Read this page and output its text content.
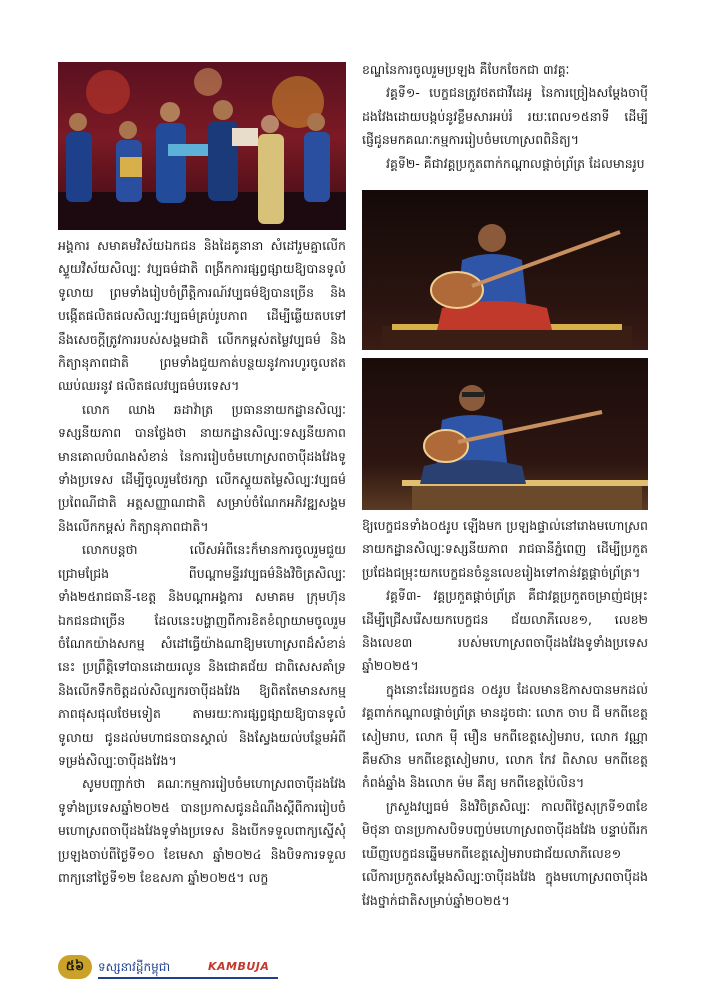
អង្គការ សមាគមវិស័យឯកជន និងដៃគូនានា សំដៅរួមគ្នាលើកស្ទួយវិស័យសិល្បៈ វប្បធម៌ជាតិ ពង្រីកការផ្សព្វផ្សាយឱ្យបានទូលំទូលាយ ព្រមទាំងរៀបចំព្រឹត្តិការណ៍វប្បធម៌ឱ្យបានច្រើន និង បង្កើតផលិតផលសិល្បៈវប្បធម៌គ្រប់រូបភាព ដើម្បីឆ្លើយតបទៅនឹងសេចក្តីត្រូវការរបស់សង្គមជាតិ លើកកម្ពស់តម្លៃវប្បធម៌ និងកិត្យានុភាពជាតិ ព្រមទាំងជួយកាត់បន្ថយនូវការហូរចូលឥតឈប់ឈរនូវ ផលិតផលវប្បធម៌បរទេស។

លោក ឈាង ឆដាវ៉ាត្រ ប្រធាននាយកដ្ឋានសិល្បៈទស្សនីយភាព បានថ្លែងថា នាយកដ្ឋានសិល្បៈទស្សនីយភាព មានគោលបំណងសំខាន់ នៃការរៀបចំមហោស្រពចាប៉ីដងវែងទូទាំងប្រទេស ដើម្បីចូលរួមថែរក្សា លើកស្ទួយតម្លៃសិល្បៈវប្បធម៌ប្រពៃណីជាតិ អត្តសញ្ញាណជាតិ សម្រាប់ចំណែកអភិវឌ្ឍសង្គម និងលើកកម្ពស់ កិត្យានុភាពជាតិ។

លោកបន្តថា លើសអំពីនេះក៏មានការចូលរួមជួយជ្រោមជ្រែង ពីបណ្តាមន្ទីរវប្បធម៌និងវិចិត្រសិល្បៈ ទាំង២៥រាជធានី-ខេត្ត និងបណ្តាអង្គការ សមាគម ក្រុមហ៊ុនឯកជនជាច្រើន ដែលនេះបង្ហាញពីការខិតខំព្យាយាមចូលរួមចំណែកយ៉ាងសកម្ម សំដៅធ្វើយ៉ាងណាឱ្យមហោស្រពដ៏សំខាន់នេះ ប្រព្រឹត្តិទៅបានដោយរលូន និងជោគជ័យ ជាពិសេសគាំទ្រ និងលើកទឹកចិត្តដល់សិល្បករចាប៉ីដងវែង ឱ្យពិតតែមានសកម្មភាពផុសផុលថែមទៀត តាមរយៈការផ្សព្វផ្សាយឱ្យបានទូលំទូលាយ ជូនដល់មហាជនបានស្គាល់ និងស្វែងយល់បន្ថែមអំពីទម្រង់សិល្បៈចាប៉ីដងវែង។

សូមបញ្ជាក់ថា គណៈកម្មការរៀបចំមហោស្រពចាប៉ីដងវែងទូទាំងប្រទេសឆ្នាំ២០២៥ បានប្រកាសជូនដំណឹងស្តីពីការរៀបចំមហោស្រពចាប៉ីដងវែងទូទាំងប្រទេស និងបើកទទួលពាក្យស្នើសុំប្រឡងចាប់ពីថ្ងៃទី១០ ខែមេសា ឆ្នាំ២០២៤ និងបិទការទទួលពាក្យនៅថ្ងៃទី១២ ខែឧសភា ឆ្នាំ២០២៥។ លក្ខ

ខណ្ឌនៃការចូលរួមប្រឡង គឺបែកចែកជា ៣វគ្គៈ

វគ្គទី១- បេក្ខជនត្រូវថតជាវីដេអូ នៃការច្រៀងសម្តែងចាប៉ីដងវែងដោយបង្កប់នូវខ្លឹមសារអប់រំ រយៈពេល១៥នាទី ដើម្បីផ្ញើជូនមកគណៈកម្មការរៀបចំមហោស្រពពិនិត្យ។

វគ្គទី២- គឺជាវគ្គប្រកួតពាក់កណ្តាលផ្តាច់ព្រ័ត្រ ដែលមានរូប

ឱ្យបេក្ខជនទាំង០៥រូប ឡើងមក ប្រឡងផ្ទាល់នៅរោងមហោស្រពនាយកដ្ឋានសិល្បៈទស្សនីយភាព រាជធានីភ្នំពេញ ដើម្បីប្រកួតប្រជែងជម្រុះយកបេក្ខជនចំនួនលេខរៀងទៅកាន់វគ្គផ្តាច់ព្រ័ត្រ។

វគ្គទី៣- វគ្គប្រកួតផ្តាច់ព្រ័ត្រ គឺជាវគ្គប្រកួតចម្រាញ់ជម្រុះដើម្បីជ្រើសរើសយកបេក្ខជន ជ័យលាភីលេខ១, លេខ២ និងលេខ៣ របស់មហោស្រពចាប៉ីដងវែងទូទាំងប្រទេសឆ្នាំ២០២៥។

ក្នុងនោះដែរបេក្ខជន ០៥រូប ដែលមានឱកាសបានមកដល់វគ្គពាក់កណ្តាលផ្តាច់ព្រ័ត្រ មានដូចជាៈ លោក ចាប ជី មកពីខេត្តសៀមរាប, លោក ម៉ី មឿន មកពីខេត្តសៀមរាប, លោក វណ្ណា គឹមស៊ាន មកពីខេត្តសៀមរាប, លោក កែវ ពិសាល មកពីខេត្តកំពង់ឆ្នាំង និងលោក ម៉ម គឹត្យ មកពីខេត្តប៉ៃលិន។

ក្រសួងវប្បធម៌ និងវិចិត្រសិល្បៈ កាលពីថ្ងៃសុក្រទី១៣ខែមិថុនា បានប្រកាសបិទបញ្ចប់មហោស្រពចាប៉ីដងវែង បន្ទាប់ពីរកឃើញបេក្ខជនឆ្នើមមកពីខេត្តសៀមរាបជាជ័យលាភីលេខ១ លើការប្រកួតសម្តែងសិល្បៈចាប៉ីដងវែង ក្នុងមហោស្រពចាប៉ីដងវែងថ្នាក់ជាតិសម្រាប់ឆ្នាំ២០២៥។

៥៦	ទស្សនាវដ្តីកម្ពុជា	KAMBUJA
